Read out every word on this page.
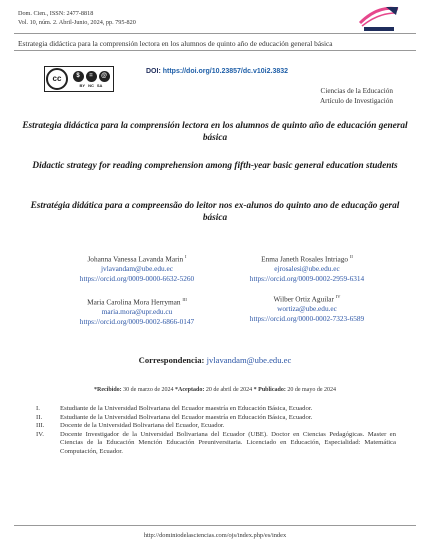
Dom. Cien., ISSN: 2477-8818
Vol. 10, núm. 2. Abril-Junio, 2024, pp. 795-820
Estrategia didáctica para la comprensión lectora en los alumnos de quinto año de educación general básica
cc	$	=	@
BY NC SA
DOI: https://doi.org/10.23857/dc.v10i2.3832
Ciencias de la Educación
Artículo de Investigación
Estrategia didáctica para la comprensión lectora en los alumnos de quinto año de educación general básica
Didactic strategy for reading comprehension among fifth-year basic general education students
Estratégia didática para a compreensão do leitor nos ex-alunos do quinto ano de educação geral básica
Johanna Vanessa Lavanda Marin $^I$
jvlavandam@ube.edu.ec
https://orcid.org/0009-0000-6632-5260
Enma Janeth Rosales Intriago $^{II}$
ejrosalesi@ube.edu.ec
https://orcid.org/0009-0002-2959-6314
Maria Carolina Mora Herryman $^{III}$
maria.mora@upr.edu.cu
https://orcid.org/0009-0002-6866-0147
Wilber Ortiz Aguilar $^{IV}$
wortiza@ube.edu.ec
https://orcid.org/0000-0002-7323-6589
Correspondencia: jvlavandam@ube.edu.ec
*Recibido: 30 de marzo de 2024 *Aceptado: 20 de abril de 2024 * Publicado: 20 de mayo de 2024
I.	Estudiante de la Universidad Bolivariana del Ecuador maestría en Educación Básica, Ecuador.
II.	Estudiante de la Universidad Bolivariana del Ecuador maestría en Educación Básica, Ecuador.
III.	Docente de la Universidad Bolivariana del Ecuador, Ecuador.
IV.	Docente Investigador de la Universidad Bolivariana del Ecuador (UBE). Doctor en Ciencias Pedagógicas. Master en Ciencias de la Educación Mención Educación Preuniversitaria. Licenciado en Educación, Especialidad: Matemática Computación, Ecuador.
http://dominiodelasciencias.com/ojs/index.php/es/index
